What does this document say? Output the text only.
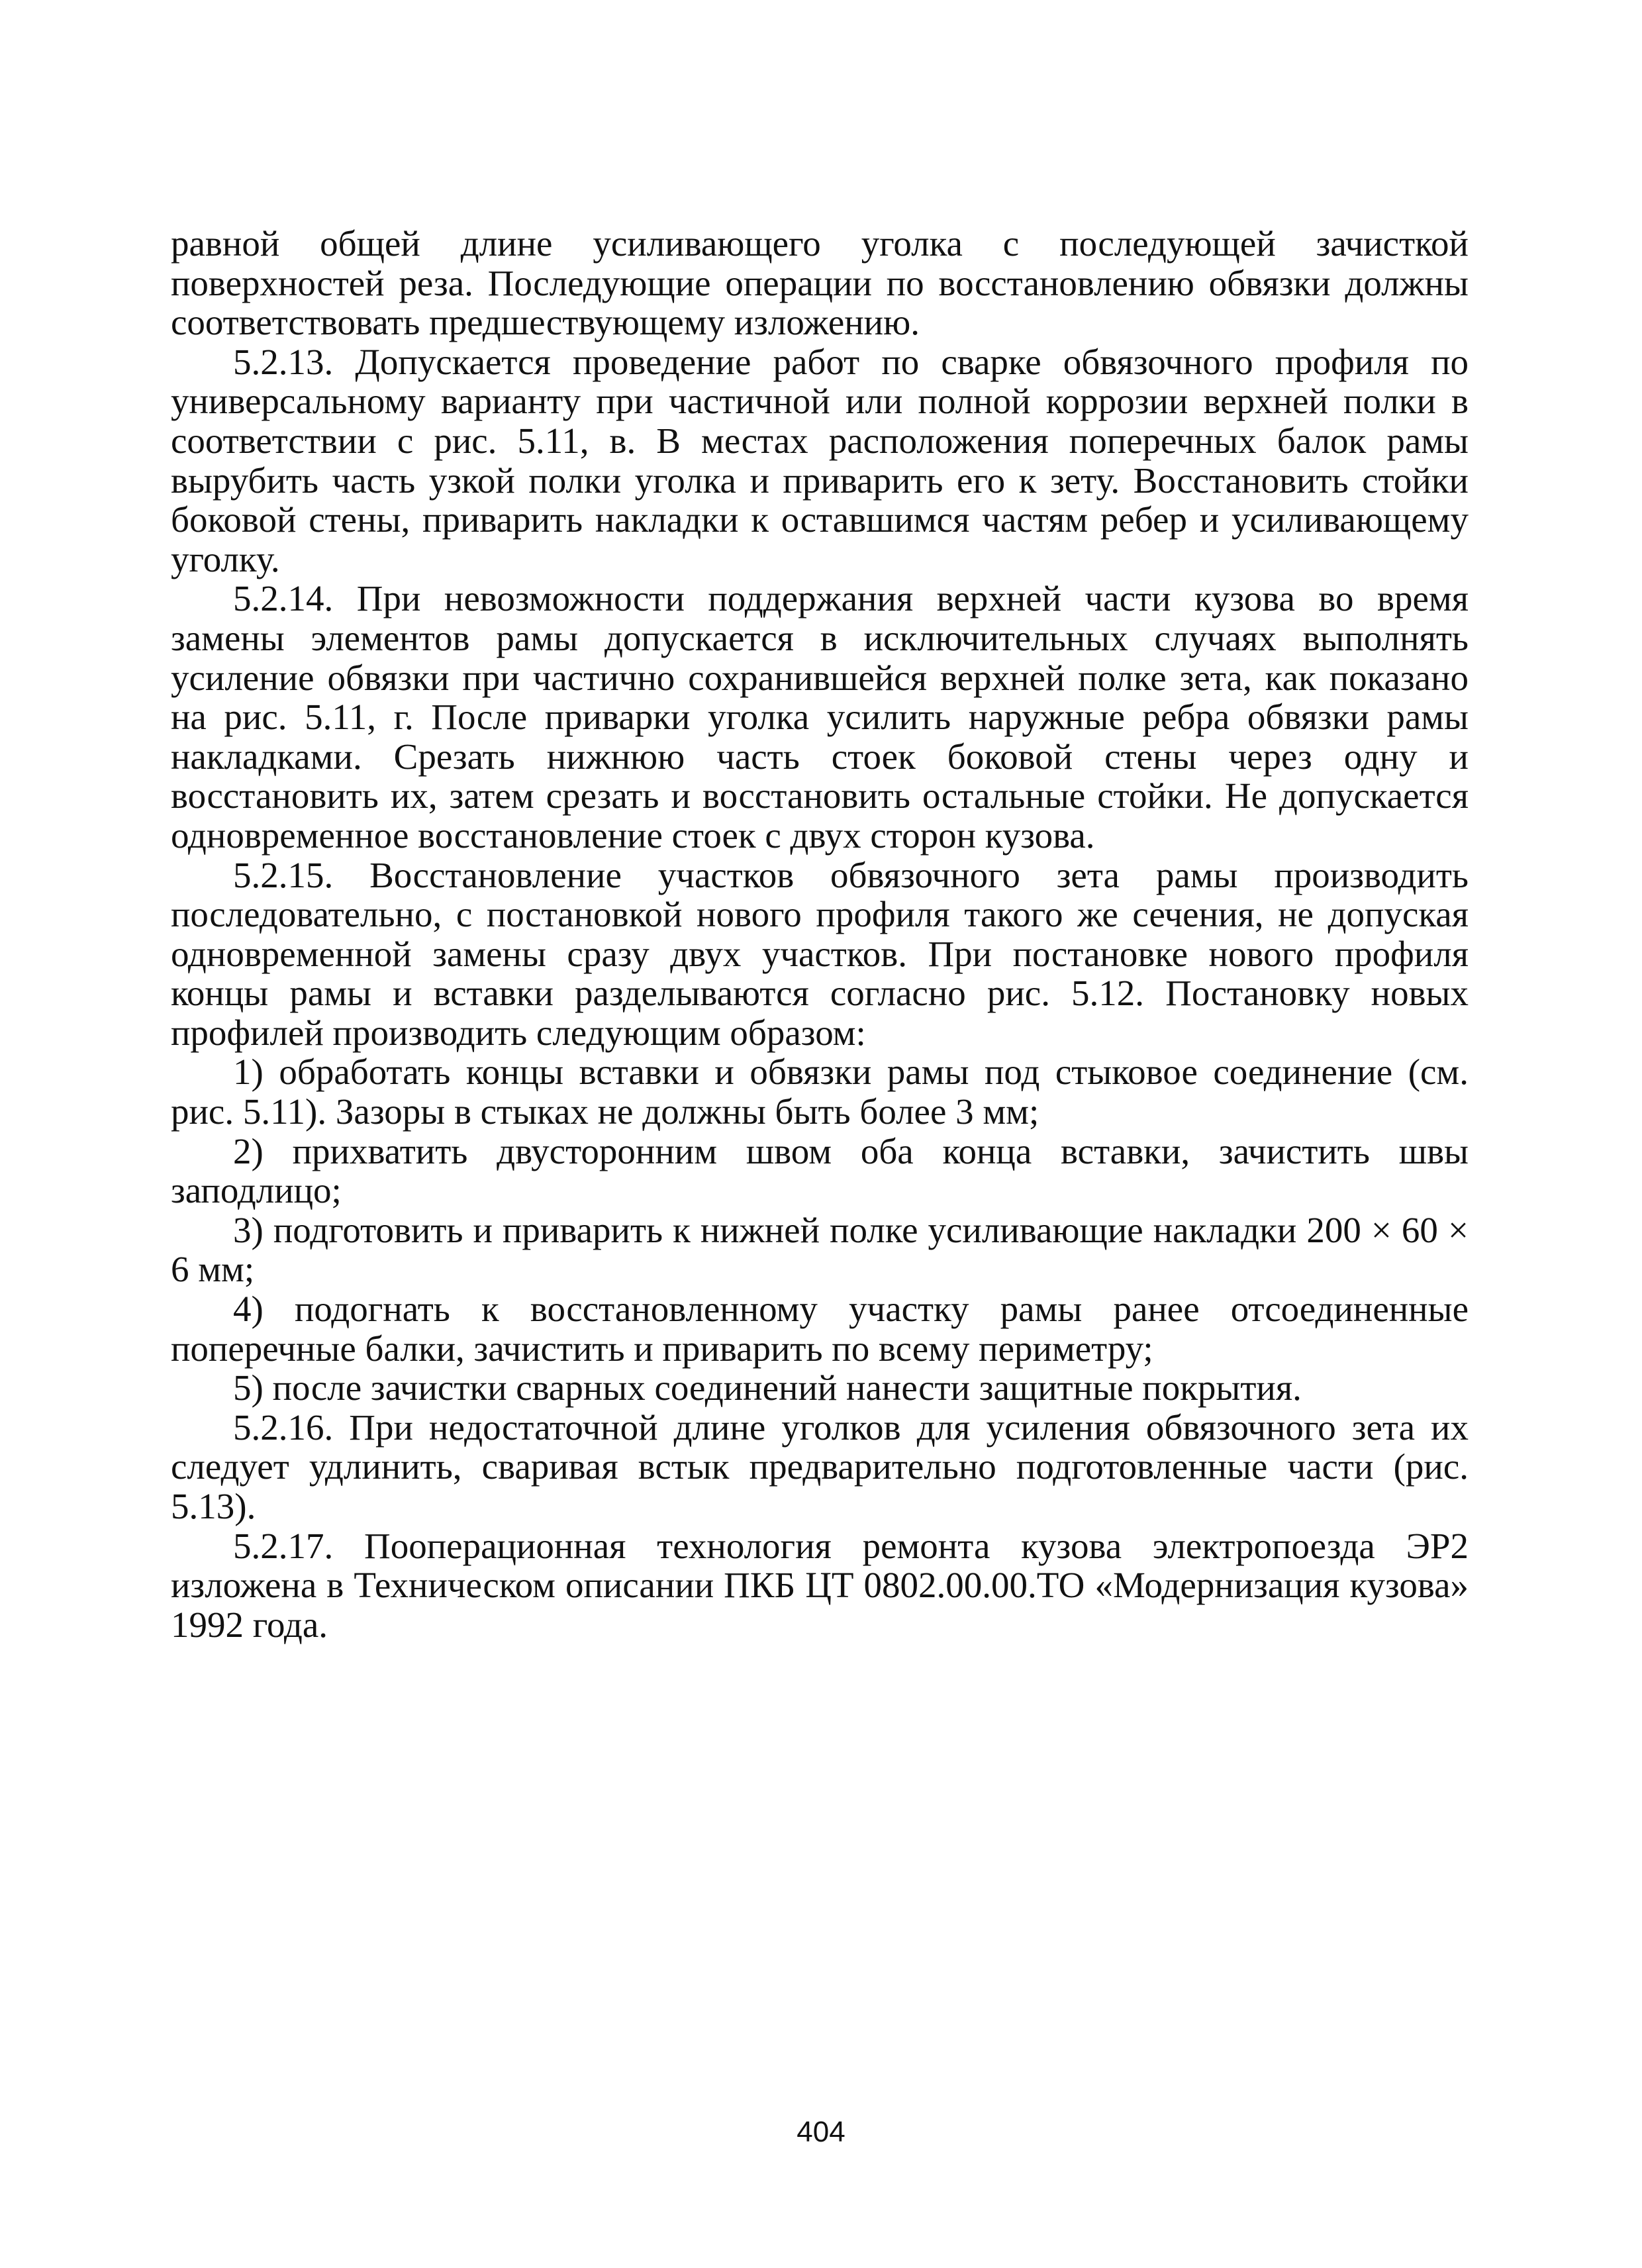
равной общей длине усиливающего уголка с последующей зачисткой поверхностей реза. Последующие операции по восстановлению обвязки должны соответствовать предшествующему изложению.

5.2.13. Допускается проведение работ по сварке обвязочного профиля по универсальному варианту при частичной или полной коррозии верхней полки в соответствии с рис. 5.11, в. В местах расположения поперечных балок рамы вырубить часть узкой полки уголка и приварить его к зету. Восстановить стойки боковой стены, приварить накладки к оставшимся частям ребер и усиливающему уголку.

5.2.14. При невозможности поддержания верхней части кузова во время замены элементов рамы допускается в исключительных случаях выполнять усиление обвязки при частично сохранившейся верхней полке зета, как показано на рис. 5.11, г. После приварки уголка усилить наружные ребра обвязки рамы накладками. Срезать нижнюю часть стоек боковой стены через одну и восстановить их, затем срезать и восстановить остальные стойки. Не допускается одновременное восстановление стоек с двух сторон кузова.

5.2.15. Восстановление участков обвязочного зета рамы производить последовательно, с постановкой нового профиля такого же сечения, не допуская одновременной замены сразу двух участков. При постановке нового профиля концы рамы и вставки разделываются согласно рис. 5.12. Постановку новых профилей производить следующим образом:

1) обработать концы вставки и обвязки рамы под стыковое соединение (см. рис. 5.11). Зазоры в стыках не должны быть более 3 мм;

2) прихватить двусторонним швом оба конца вставки, зачистить швы заподлицо;

3) подготовить и приварить к нижней полке усиливающие накладки 200 × 60 × 6 мм;

4) подогнать к восстановленному участку рамы ранее отсоединенные поперечные балки, зачистить и приварить по всему периметру;

5) после зачистки сварных соединений нанести защитные покрытия.

5.2.16. При недостаточной длине уголков для усиления обвязочного зета их следует удлинить, сваривая встык предварительно подготовленные части (рис. 5.13).

5.2.17. Пооперационная технология ремонта кузова электропоезда ЭР2 изложена в Техническом описании ПКБ ЦТ 0802.00.00.ТО «Модернизация кузова» 1992 года.

404
